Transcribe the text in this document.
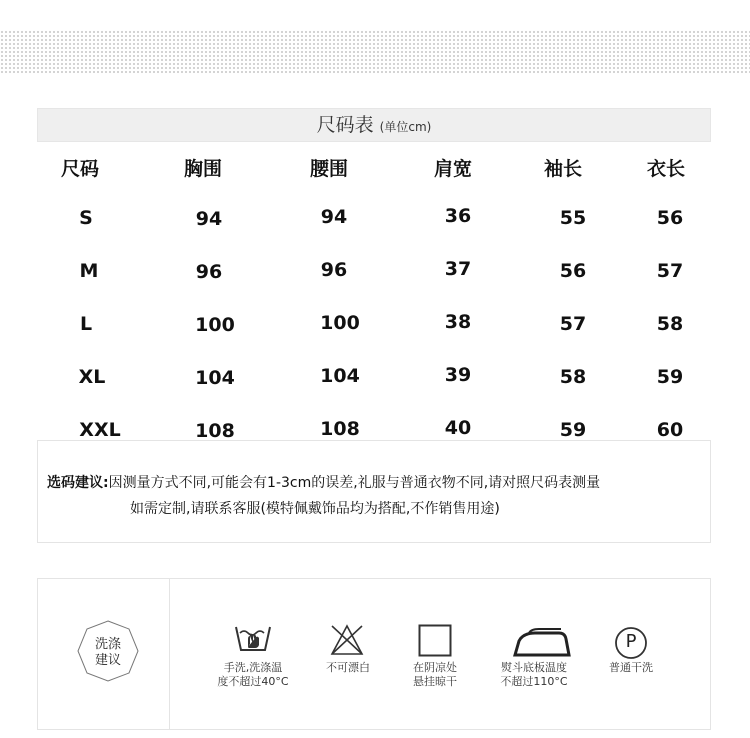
尺码表 (单位cm)
尺码	胸围	腰围	肩宽	袖长	衣长
S	94	94	36	55	56
M	96	96	37	56	57
L	100	100	38	57	58
XL	104	104	39	58	59
XXL	108	108	40	59	60
选码建议:因测量方式不同,可能会有1-3cm的误差,礼服与普通衣物不同,请对照尺码表测量
如需定制,请联系客服(模特佩戴饰品均为搭配,不作销售用途)
洗涤
建议	手洗,洗涤温
度不超过40°C
不可漂白	在阴凉处
悬挂晾干
熨斗底板温度
不超过110°C
P
普通干洗
